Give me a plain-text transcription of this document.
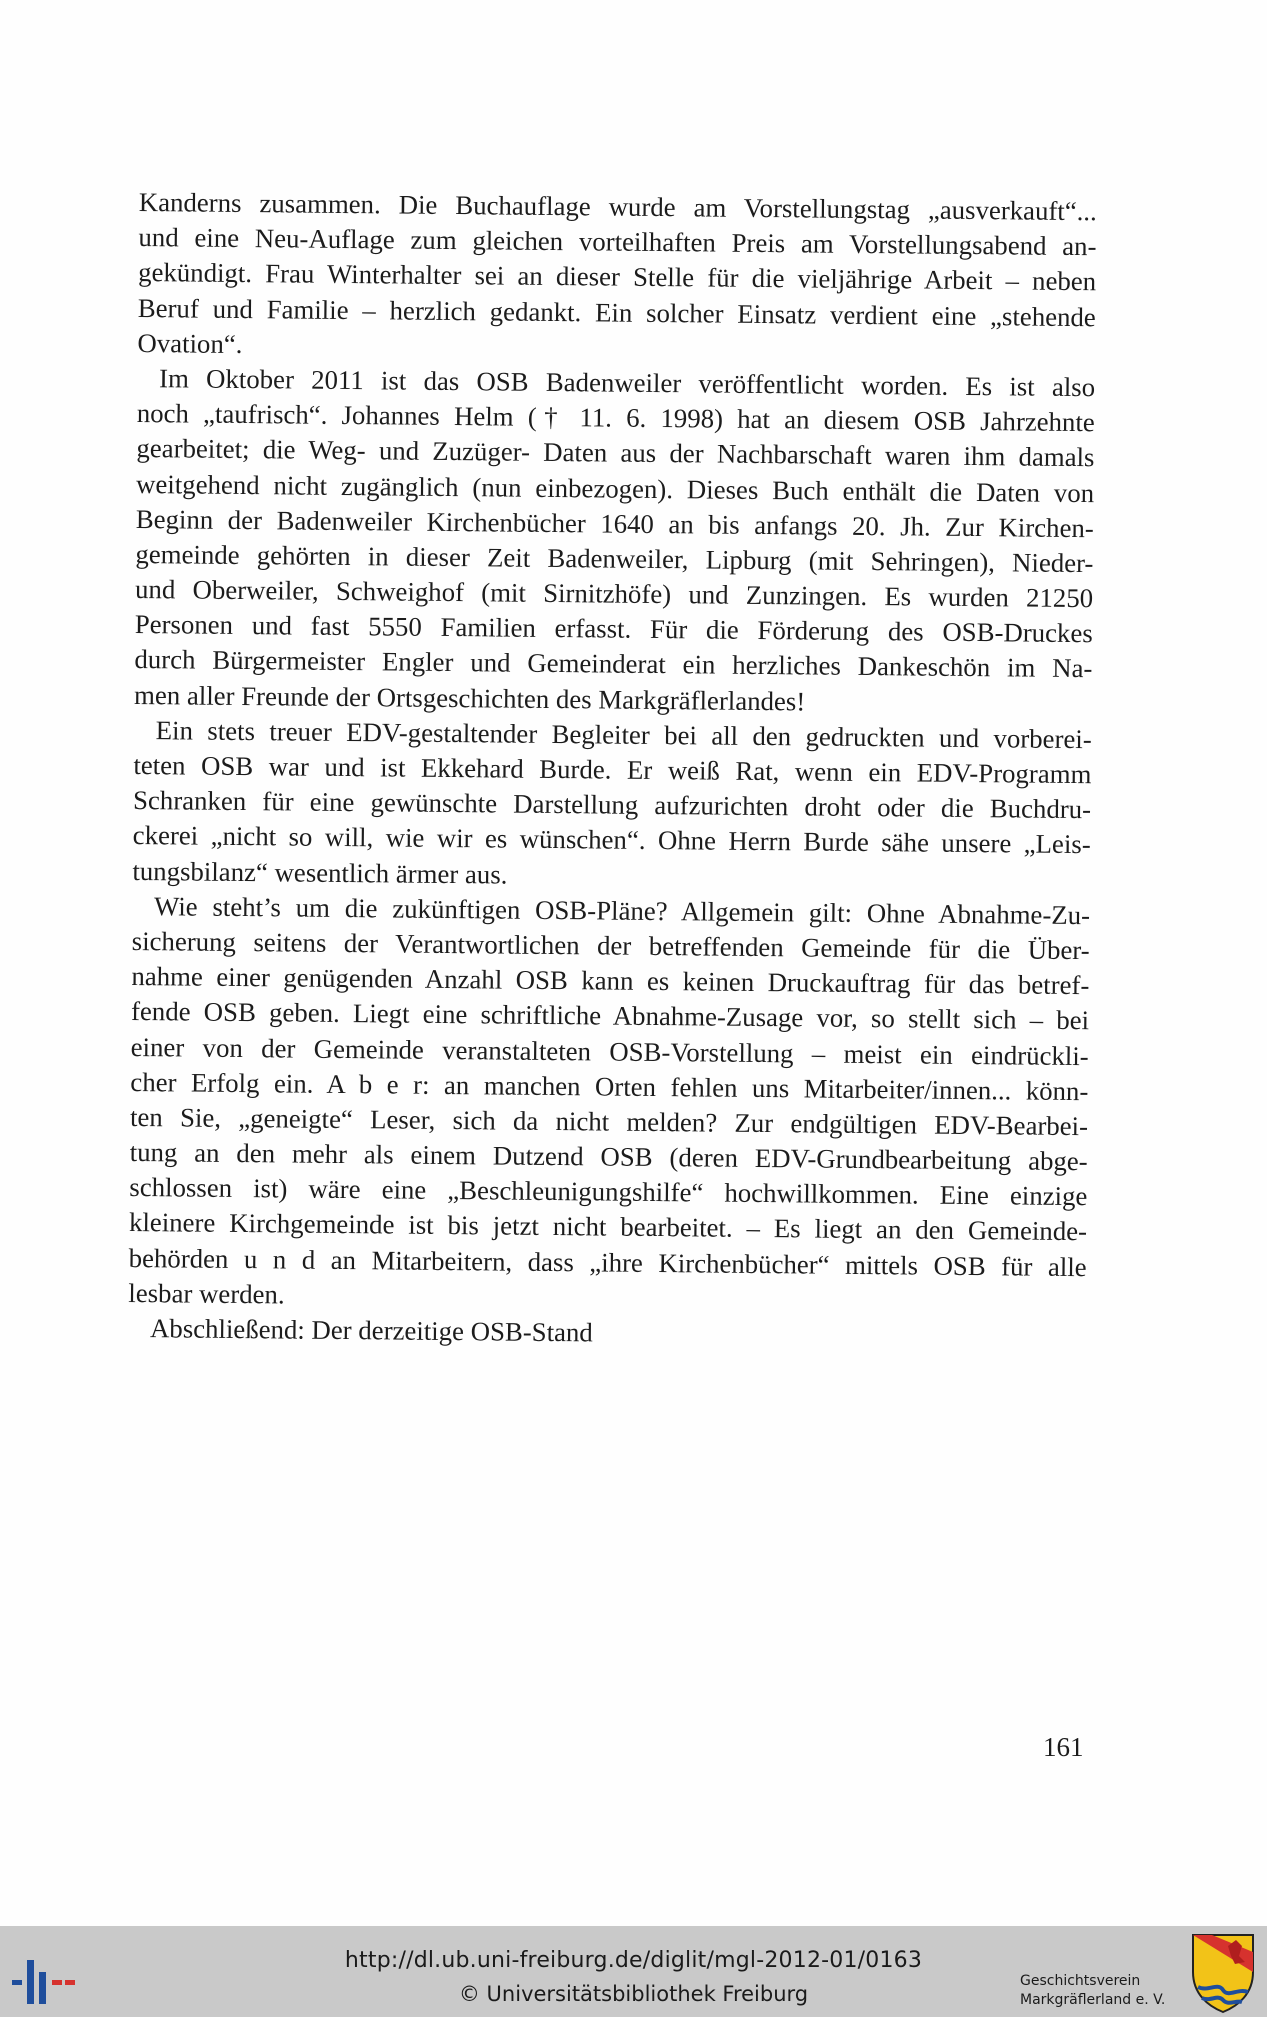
Kanderns zusammen. Die Buchauflage wurde am Vorstellungstag „ausverkauft“...
und eine Neu-Auflage zum gleichen vorteilhaften Preis am Vorstellungsabend an-
gekündigt. Frau Winterhalter sei an dieser Stelle für die vieljährige Arbeit – neben
Beruf und Familie – herzlich gedankt. Ein solcher Einsatz verdient eine „stehende
Ovation“.
Im Oktober 2011 ist das OSB Badenweiler veröffentlicht worden. Es ist also
noch „taufrisch“. Johannes Helm († 11. 6. 1998) hat an diesem OSB Jahrzehnte
gearbeitet; die Weg- und Zuzüger- Daten aus der Nachbarschaft waren ihm damals
weitgehend nicht zugänglich (nun einbezogen). Dieses Buch enthält die Daten von
Beginn der Badenweiler Kirchenbücher 1640 an bis anfangs 20. Jh. Zur Kirchen-
gemeinde gehörten in dieser Zeit Badenweiler, Lipburg (mit Sehringen), Nieder-
und Oberweiler, Schweighof (mit Sirnitzhöfe) und Zunzingen. Es wurden 21250
Personen und fast 5550 Familien erfasst. Für die Förderung des OSB-Druckes
durch Bürgermeister Engler und Gemeinderat ein herzliches Dankeschön im Na-
men aller Freunde der Ortsgeschichten des Markgräflerlandes!
Ein stets treuer EDV-gestaltender Begleiter bei all den gedruckten und vorberei-
teten OSB war und ist Ekkehard Burde. Er weiß Rat, wenn ein EDV-Programm
Schranken für eine gewünschte Darstellung aufzurichten droht oder die Buchdru-
ckerei „nicht so will, wie wir es wünschen“. Ohne Herrn Burde sähe unsere „Leis-
tungsbilanz“ wesentlich ärmer aus.
Wie steht’s um die zukünftigen OSB-Pläne? Allgemein gilt: Ohne Abnahme-Zu-
sicherung seitens der Verantwortlichen der betreffenden Gemeinde für die Über-
nahme einer genügenden Anzahl OSB kann es keinen Druckauftrag für das betref-
fende OSB geben. Liegt eine schriftliche Abnahme-Zusage vor, so stellt sich – bei
einer von der Gemeinde veranstalteten OSB-Vorstellung – meist ein eindrückli-
cher Erfolg ein. A b e r: an manchen Orten fehlen uns Mitarbeiter/innen... könn-
ten Sie, „geneigte“ Leser, sich da nicht melden? Zur endgültigen EDV-Bearbei-
tung an den mehr als einem Dutzend OSB (deren EDV-Grundbearbeitung abge-
schlossen ist) wäre eine „Beschleunigungshilfe“ hochwillkommen. Eine einzige
kleinere Kirchgemeinde ist bis jetzt nicht bearbeitet. – Es liegt an den Gemeinde-
behörden u n d an Mitarbeitern, dass „ihre Kirchenbücher“ mittels OSB für alle
lesbar werden.
Abschließend: Der derzeitige OSB-Stand
161
http://dl.ub.uni-freiburg.de/diglit/mgl-2012-01/0163
© Universitätsbibliothek Freiburg
Geschichtsverein
Markgräflerland e. V.
